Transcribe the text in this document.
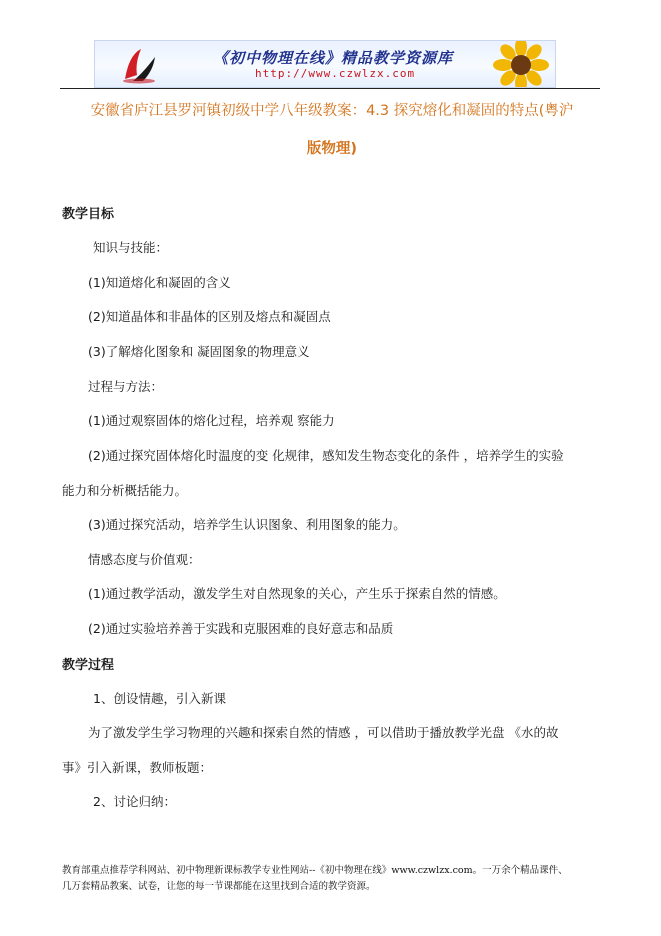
《初中物理在线》精品教学资源库
http://www.czwlzx.com
安徽省庐江县罗河镇初级中学八年级教案：4.3 探究熔化和凝固的特点(粤沪
版物理)
教学目标
知识与技能：
(1)知道熔化和凝固的含义
(2)知道晶体和非晶体的区别及熔点和凝固点
(3)了解熔化图象和 凝固图象的物理意义
过程与方法：
(1)通过观察固体的熔化过程，培养观 察能力
(2)通过探究固体熔化时温度的变 化规律，感知发生物态变化的条件 ，培养学生的实验
能力和分析概括能力。
(3)通过探究活动，培养学生认识图象、利用图象的能力。
情感态度与价值观：
(1)通过教学活动，激发学生对自然现象的关心，产生乐于探索自然的情感。
(2)通过实验培养善于实践和克服困难的良好意志和品质
教学过程
1、创设情趣，引入新课
为了激发学生学习物理的兴趣和探索自然的情感 ，可以借助于播放教学光盘 《水的故
事》引入新课，教师板题：
2、讨论归纳：
教育部重点推荐学科网站、初中物理新课标教学专业性网站--《初中物理在线》www.czwlzx.com。一万余个精品课件、
几万套精品教案、试卷，让您的每一节课都能在这里找到合适的教学资源。
